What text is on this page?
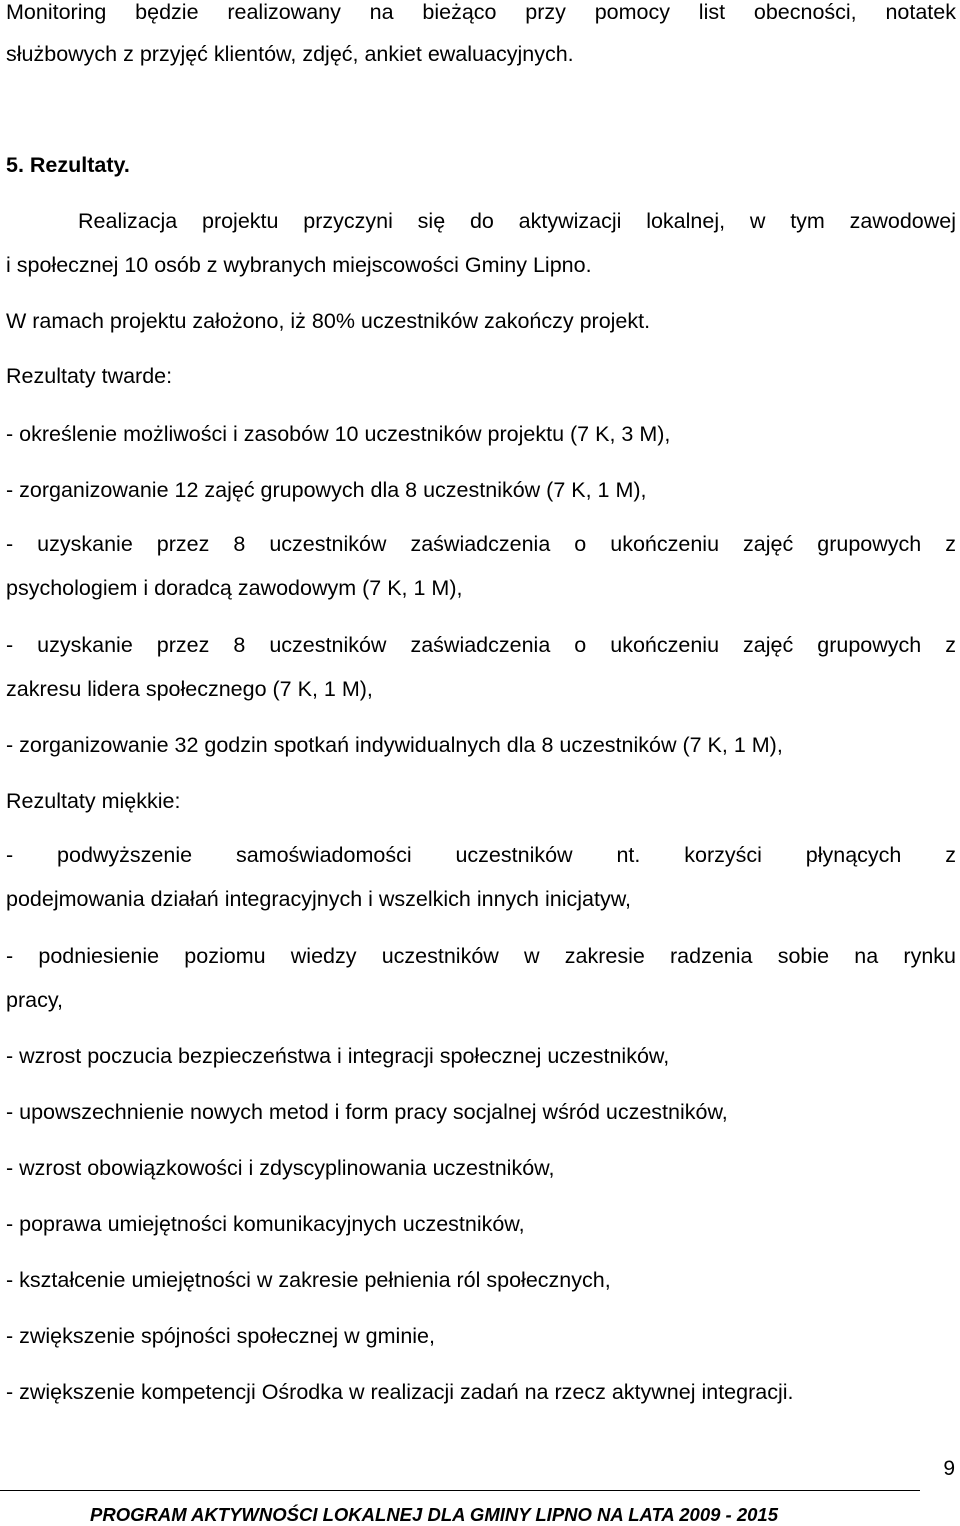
Monitoring będzie realizowany na bieżąco przy pomocy list obecności, notatek
służbowych z przyjęć klientów, zdjęć, ankiet ewaluacyjnych.
5. Rezultaty.
Realizacja projektu przyczyni się do aktywizacji lokalnej, w tym zawodowej
i społecznej 10 osób z wybranych miejscowości Gminy Lipno.
W ramach projektu założono, iż 80% uczestników zakończy projekt.
Rezultaty twarde:
- określenie możliwości i zasobów 10 uczestników projektu (7 K, 3 M),
- zorganizowanie 12 zajęć grupowych dla 8 uczestników (7 K, 1 M),
- uzyskanie przez 8 uczestników zaświadczenia o ukończeniu zajęć grupowych z
psychologiem i doradcą zawodowym (7 K, 1 M),
- uzyskanie przez 8 uczestników zaświadczenia o ukończeniu zajęć grupowych z
zakresu lidera społecznego (7 K, 1 M),
- zorganizowanie 32 godzin spotkań indywidualnych dla 8 uczestników (7 K, 1 M),
Rezultaty miękkie:
- podwyższenie samoświadomości uczestników nt. korzyści płynących z
podejmowania działań integracyjnych i wszelkich innych inicjatyw,
- podniesienie poziomu wiedzy uczestników w zakresie radzenia sobie na rynku
pracy,
- wzrost poczucia bezpieczeństwa i integracji społecznej uczestników,
- upowszechnienie nowych metod i form pracy socjalnej wśród uczestników,
- wzrost obowiązkowości i zdyscyplinowania uczestników,
- poprawa umiejętności komunikacyjnych uczestników,
- kształcenie umiejętności w zakresie pełnienia ról społecznych,
- zwiększenie spójności społecznej w gminie,
- zwiększenie kompetencji Ośrodka w realizacji zadań na rzecz aktywnej integracji.
9
PROGRAM AKTYWNOŚCI LOKALNEJ DLA GMINY LIPNO NA LATA 2009 - 2015
